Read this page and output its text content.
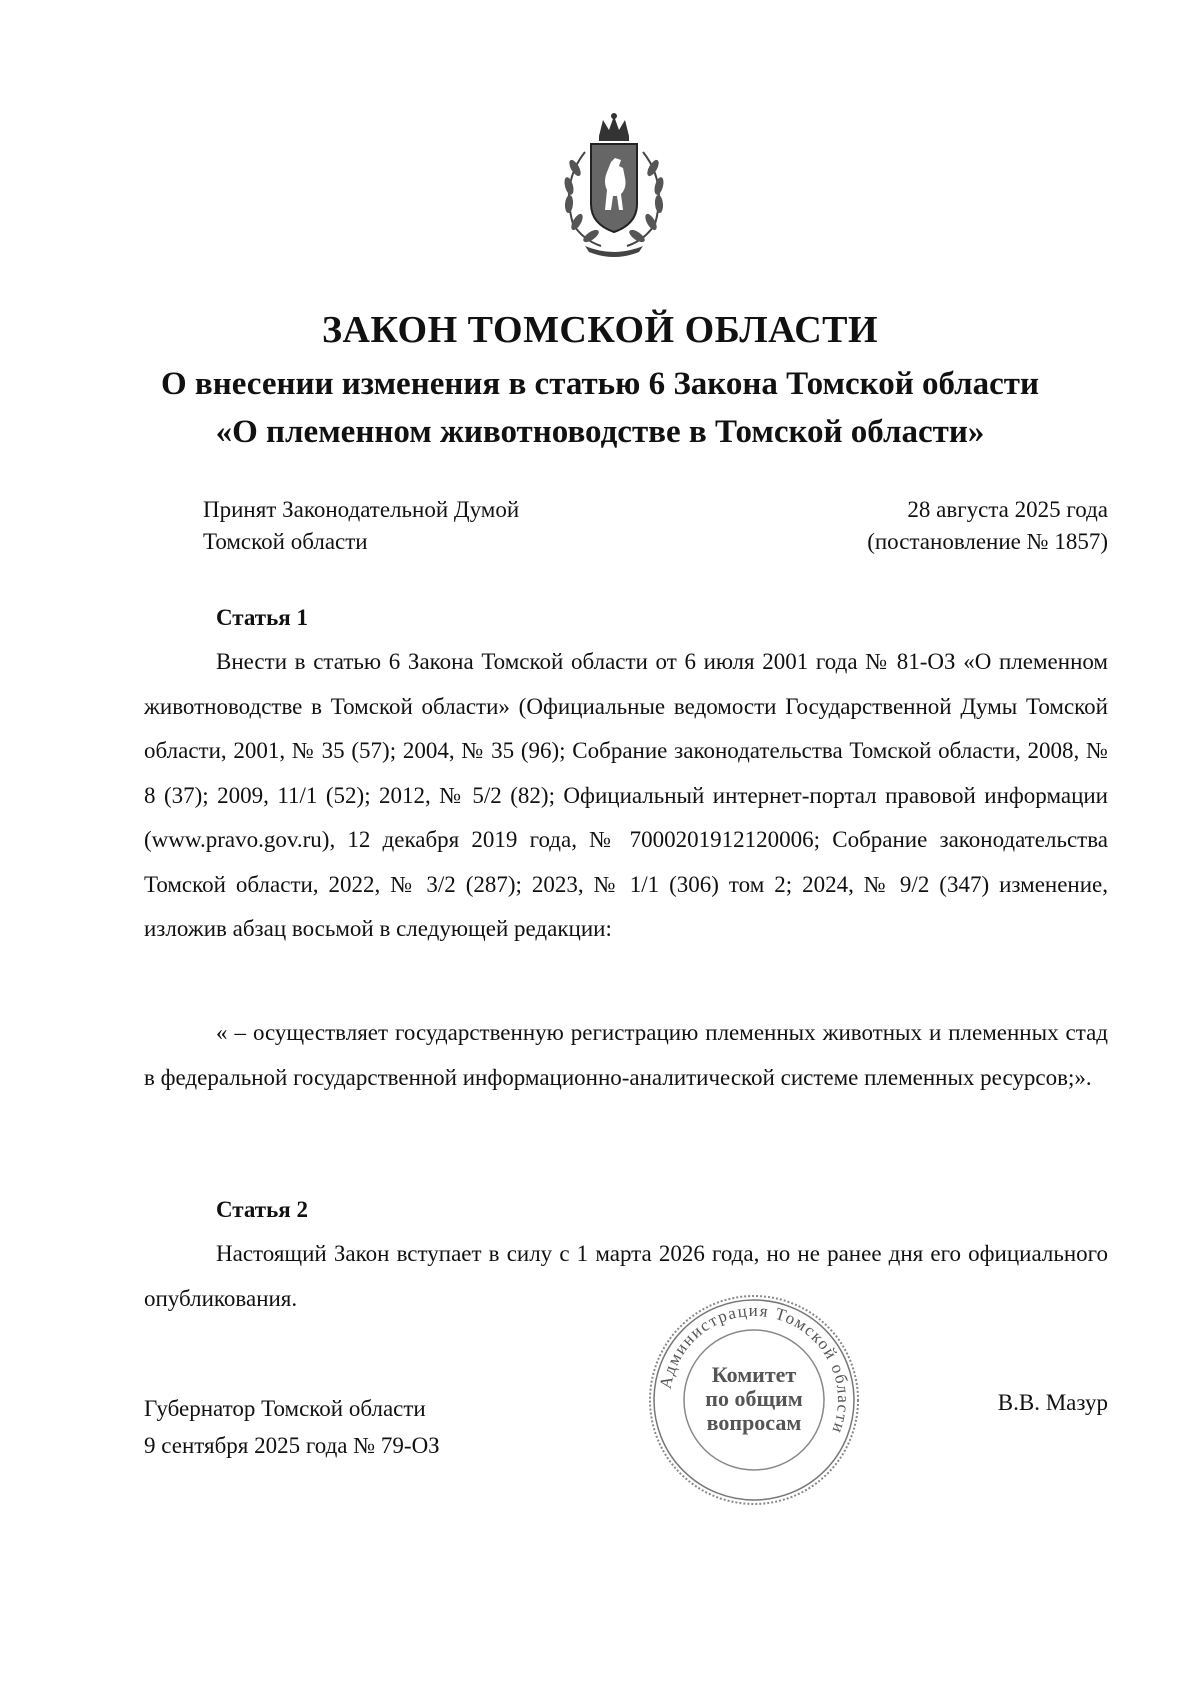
ЗАКОН ТОМСКОЙ ОБЛАСТИ
О внесении изменения в статью 6 Закона Томской области
«О племенном животноводстве в Томской области»
Принят Законодательной Думой
Томской области
28 августа 2025 года
(постановление № 1857)
Статья 1
Внести в статью 6 Закона Томской области от 6 июля 2001 года № 81-ОЗ «О племенном животноводстве в Томской области» (Официальные ведомости Государственной Думы Томской области, 2001, № 35 (57); 2004, № 35 (96); Собрание законодательства Томской области, 2008, № 8 (37); 2009, 11/1 (52); 2012, № 5/2 (82); Официальный интернет-портал правовой информации (www.pravo.gov.ru), 12 декабря 2019 года, № 7000201912120006; Собрание законодательства Томской области, 2022, № 3/2 (287); 2023, № 1/1 (306) том 2; 2024, № 9/2 (347) изменение, изложив абзац восьмой в следующей редакции:
« – осуществляет государственную регистрацию племенных животных и племенных стад в федеральной государственной информационно-аналитической системе племенных ресурсов;».
Статья 2
Настоящий Закон вступает в силу с 1 марта 2026 года, но не ранее дня его официального опубликования.
Губернатор Томской области
9 сентября 2025 года № 79-ОЗ
В.В. Мазур
Администрация Томской области
Комитет
по общим
вопросам
